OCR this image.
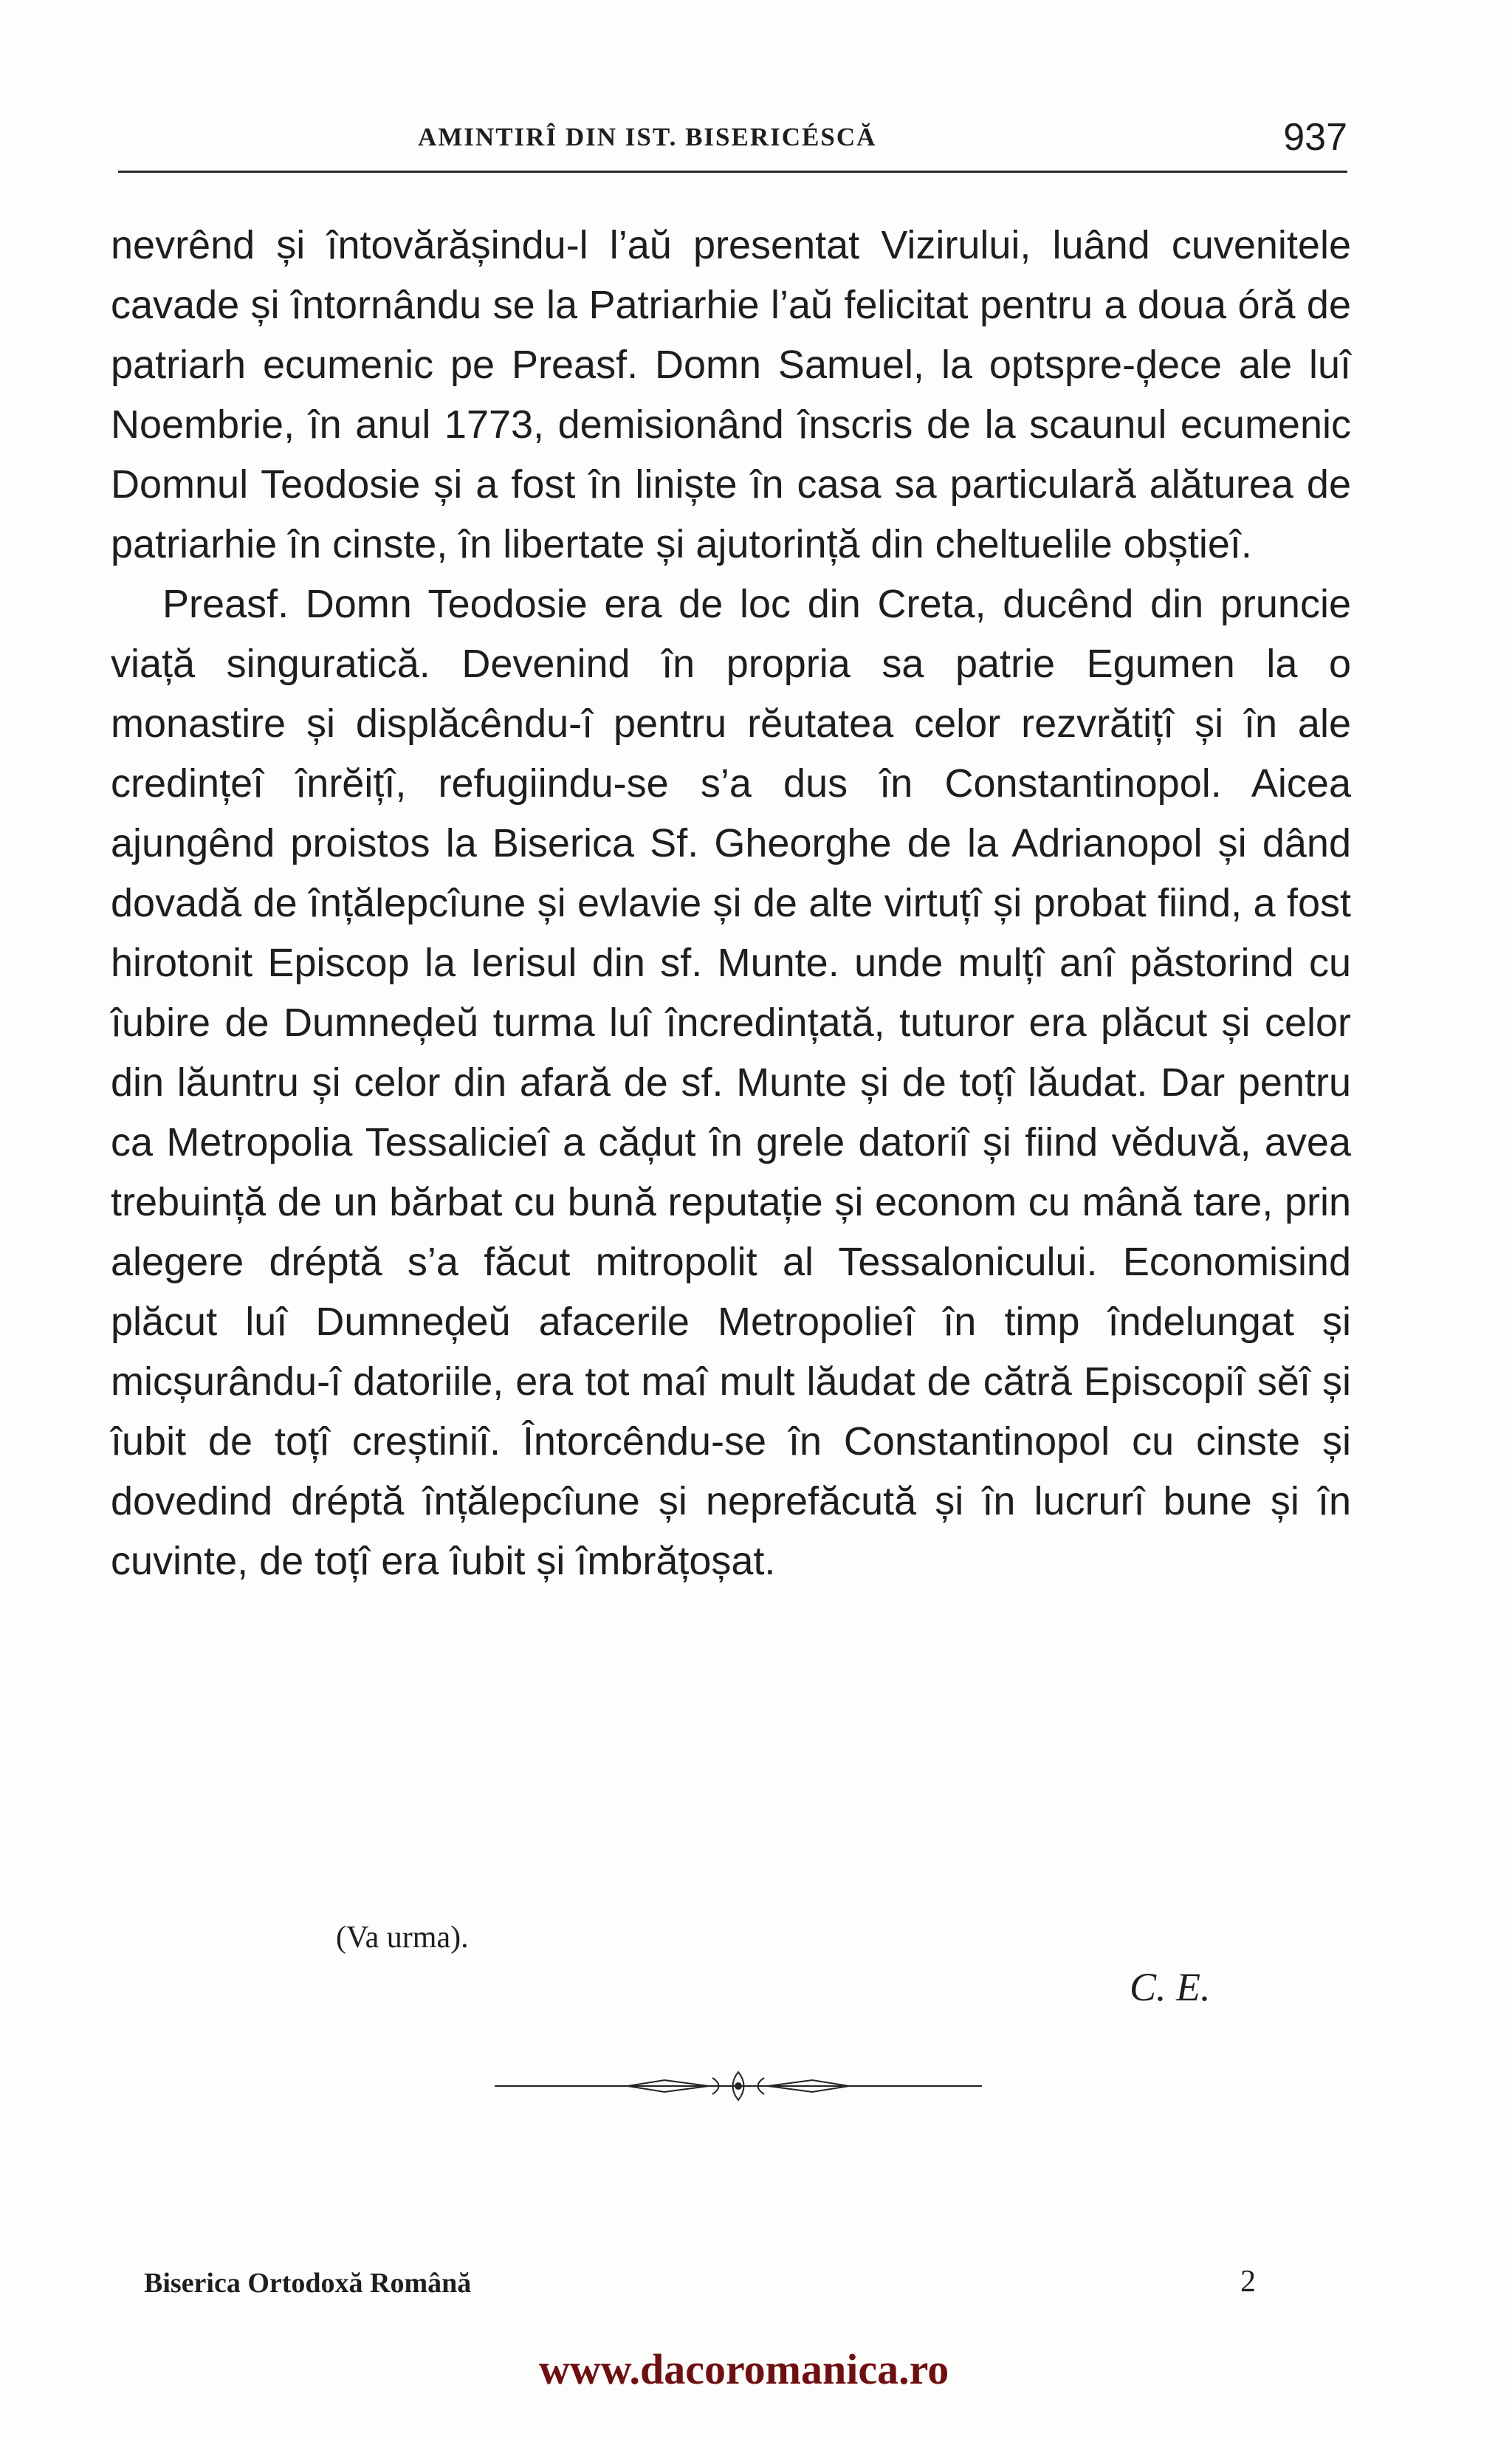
AMINTIRÎ DIN IST. BISERICÉSCĂ	937

nevrênd și întovărășindu-l l’aŭ presentat Vizirului, luând cuvenitele cavade și întornându se la Patriarhie l’aŭ felicitat pentru a doua óră de patriarh ecumenic pe Preasf. Domn Samuel, la optspre-ḑece ale luî Noembrie, în anul 1773, demisionând înscris de la scaunul ecumenic Domnul Teodosie și a fost în liniște în casa sa particulară alăturea de patriarhie în cinste, în libertate și ajutorință din cheltuelile obștieî.

Preasf. Domn Teodosie era de loc din Creta, ducênd din pruncie viață singuratică. Devenind în propria sa patrie Egumen la o monastire și displăcêndu-î pentru rĕutatea celor rezvrătițî și în ale credințeî înrĕițî, refugiindu-se s’a dus în Constantinopol. Aicea ajungênd proistos la Biserica Sf. Gheorghe de la Adrianopol și dând dovadă de înțălepcîune și evlavie și de alte virtuțî și probat fiind, a fost hirotonit Episcop la Ierisul din sf. Munte. unde mulțî anî păstorind cu îubire de Dumneḑeŭ turma luî încredințată, tuturor era plăcut și celor din lăuntru și celor din afară de sf. Munte și de toțî lăudat. Dar pentru ca Metropolia Tessalicieî a căḑut în grele datoriî și fiind vĕduvă, avea trebuință de un bărbat cu bună reputație și econom cu mână tare, prin alegere dréptă s’a făcut mitropolit al Tessalonicului. Economisind plăcut luî Dumneḑeŭ afacerile Metropolieî în timp îndelungat și micșurându-î datoriile, era tot maî mult lăudat de cătră Episcopiî sĕî și îubit de toțî creștiniî. Întorcêndu-se în Constantinopol cu cinste și dovedind dréptă înțălepcîune și neprefăcută și în lucrurî bune și în cuvinte, de toțî era îubit și îmbrățoșat.

(Va urma).
C. E.
Biserica Ortodoxă Română	2
www.dacoromanica.ro
